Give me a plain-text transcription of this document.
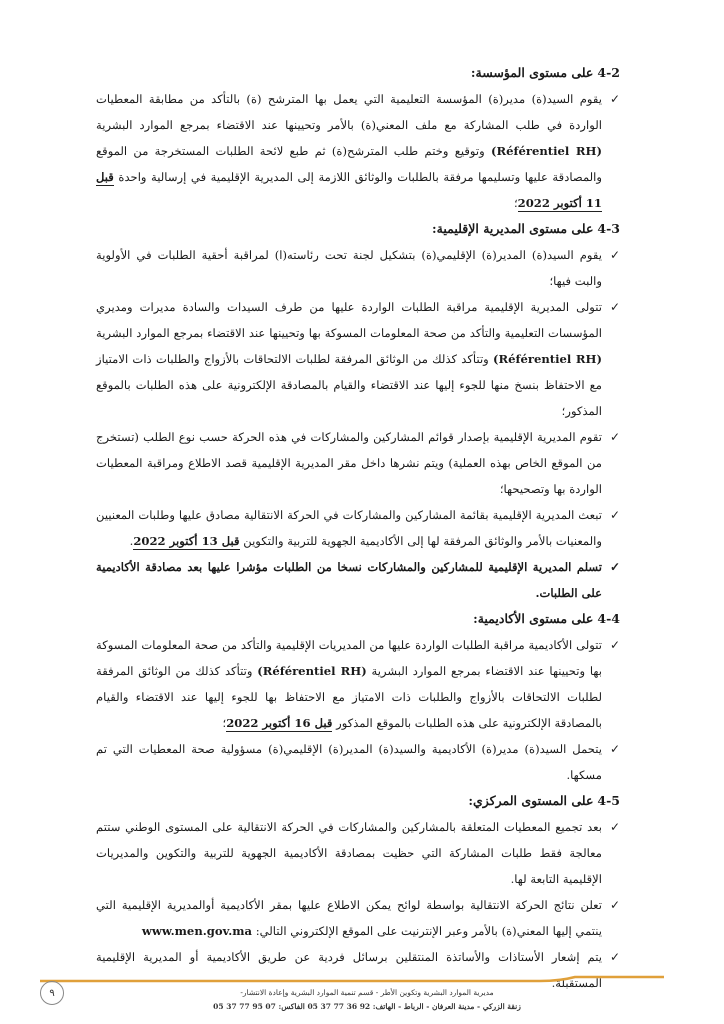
4-2
على مستوى المؤسسة:

✓
يقوم السيد(ة) مدير(ة) المؤسسة التعليمية التي يعمل بها المترشح (ة) بالتأكد من مطابقة المعطيات الواردة في طلب المشاركة مع ملف المعني(ة) بالأمر وتحيينها عند الاقتضاء بمرجع الموارد البشرية (Référentiel RH) وتوقيع وختم طلب المترشح(ة) ثم طبع لائحة الطلبات المستخرجة من الموقع والمصادقة عليها وتسليمها مرفقة بالطلبات والوثائق اللازمة إلى المديرية الإقليمية في إرسالية واحدة قبل 11 أكتوبر 2022؛

4-3
على مستوى المديرية الإقليمية:

✓
يقوم السيد(ة) المدير(ة) الإقليمي(ة) بتشكيل لجنة تحت رئاسته(ا) لمراقبة أحقية الطلبات في الأولوية والبت فيها؛

✓
تتولى المديرية الإقليمية مراقبة الطلبات الواردة عليها من طرف السيدات والسادة مديرات ومديري المؤسسات التعليمية والتأكد من صحة المعلومات المسوكة بها وتحيينها عند الاقتضاء بمرجع الموارد البشرية (Référentiel RH) وتتأكد كذلك من الوثائق المرفقة لطلبات الالتحاقات بالأزواج والطلبات ذات الامتياز مع الاحتفاظ بنسخ منها للجوء إليها عند الاقتضاء والقيام بالمصادقة الإلكترونية على هذه الطلبات بالموقع المذكور؛

✓
تقوم المديرية الإقليمية بإصدار قوائم المشاركين والمشاركات في هذه الحركة حسب نوع الطلب (تستخرج من الموقع الخاص بهذه العملية) ويتم نشرها داخل مقر المديرية الإقليمية قصد الاطلاع ومراقبة المعطيات الواردة بها وتصحيحها؛

✓
تبعث المديرية الإقليمية بقائمة المشاركين والمشاركات في الحركة الانتقالية مصادق عليها وطلبات المعنيين والمعنيات بالأمر والوثائق المرفقة لها إلى الأكاديمية الجهوية للتربية والتكوين قبل 13 أكتوبر 2022.

✓
تسلم المديرية الإقليمية للمشاركين والمشاركات نسخا من الطلبات مؤشرا عليها بعد مصادقة الأكاديمية على الطلبات.

4-4
على مستوى الأكاديمية:

✓
تتولى الأكاديمية مراقبة الطلبات الواردة عليها من المديريات الإقليمية والتأكد من صحة المعلومات المسوكة بها وتحيينها عند الاقتضاء بمرجع الموارد البشرية (Référentiel RH) وتتأكد كذلك من الوثائق المرفقة لطلبات الالتحاقات بالأزواج والطلبات ذات الامتياز مع الاحتفاظ بها للجوء إليها عند الاقتضاء والقيام بالمصادقة الإلكترونية على هذه الطلبات بالموقع المذكور قبل 16 أكتوبر 2022؛

✓
يتحمل السيد(ة) مدير(ة) الأكاديمية والسيد(ة) المدير(ة) الإقليمي(ة) مسؤولية صحة المعطيات التي تم مسكها.

4-5
على المستوى المركزي:

✓
بعد تجميع المعطيات المتعلقة بالمشاركين والمشاركات في الحركة الانتقالية على المستوى الوطني ستتم معالجة فقط طلبات المشاركة التي حظيت بمصادقة الأكاديمية الجهوية للتربية والتكوين والمديريات الإقليمية التابعة لها.

✓
تعلن نتائج الحركة الانتقالية بواسطة لوائح يمكن الاطلاع عليها بمقر الأكاديمية أوالمديرية الإقليمية التي ينتمي إليها المعني(ة) بالأمر وعبر الإنترنيت على الموقع الإلكتروني التالي: www.men.gov.ma

✓
يتم إشعار الأستاذات والأساتذة المنتقلين برسائل فردية عن طريق الأكاديمية أو المديرية الإقليمية المستقبلة.

مديرية الموارد البشرية وتكوين الأطر - قسم تنمية الموارد البشرية وإعادة الانتشار-
زنقة الزركي - مدينة العرفان - الرباط - الهاتف: 92 36 77 37 05 الفاكس: 07 95 77 37 05
٩
